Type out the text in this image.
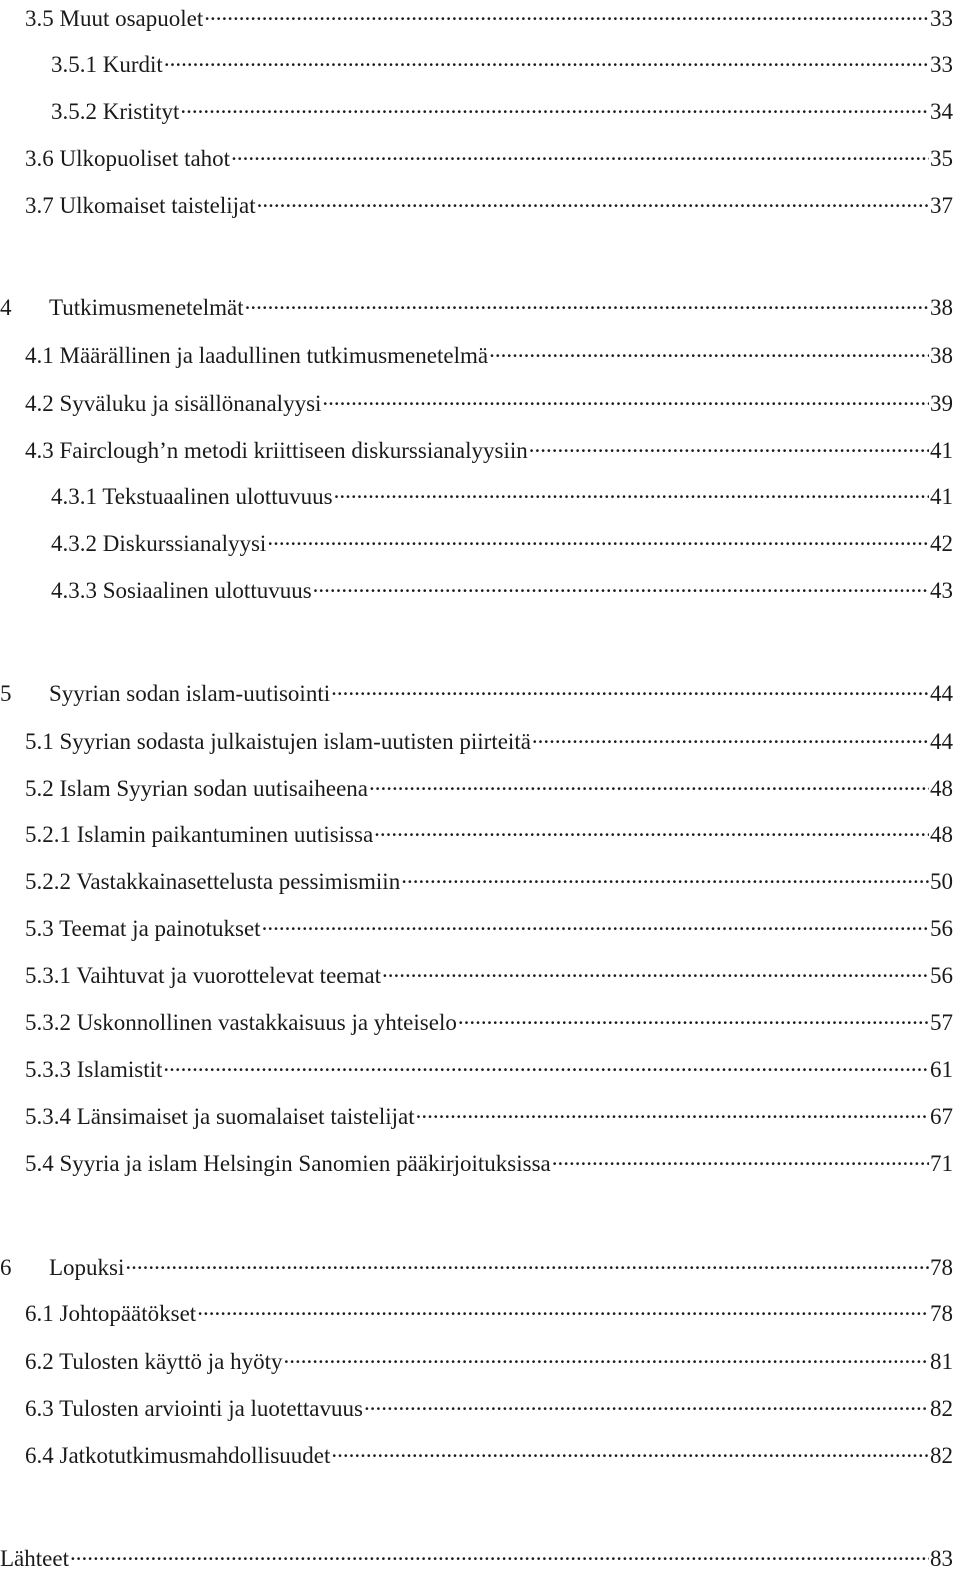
3.5 Muut osapuolet .....	33
3.5.1 Kurdit .....	33
3.5.2 Kristityt .....	34
3.6 Ulkopuoliset tahot .....	35
3.7 Ulkomaiset taistelijat .....	37
4	Tutkimusmenetelmät .....	38
4.1 Määrällinen ja laadullinen tutkimusmenetelmä .....	38
4.2 Syväluku ja sisällönanalyysi .....	39
4.3 Fairclough’n metodi kriittiseen diskurssianalyysiin .....	41
4.3.1 Tekstuaalinen ulottuvuus .....	41
4.3.2 Diskurssianalyysi .....	42
4.3.3 Sosiaalinen ulottuvuus .....	43
5	Syyrian sodan islam-uutisointi .....	44
5.1 Syyrian sodasta julkaistujen islam-uutisten piirteitä .....	44
5.2 Islam Syyrian sodan uutisaiheena .....	48
5.2.1 Islamin paikantuminen uutisissa .....	48
5.2.2 Vastakkainasettelusta pessimismiin .....	50
5.3 Teemat ja painotukset .....	56
5.3.1 Vaihtuvat ja vuorottelevat teemat .....	56
5.3.2 Uskonnollinen vastakkaisuus ja yhteiselo .....	57
5.3.3 Islamistit .....	61
5.3.4 Länsimaiset ja suomalaiset taistelijat .....	67
5.4 Syyria ja islam Helsingin Sanomien pääkirjoituksissa .....	71
6	Lopuksi .....	78
6.1 Johtopäätökset .....	78
6.2 Tulosten käyttö ja hyöty .....	81
6.3 Tulosten arviointi ja luotettavuus .....	82
6.4 Jatkotutkimusmahdollisuudet .....	82
Lähteet .....	83
